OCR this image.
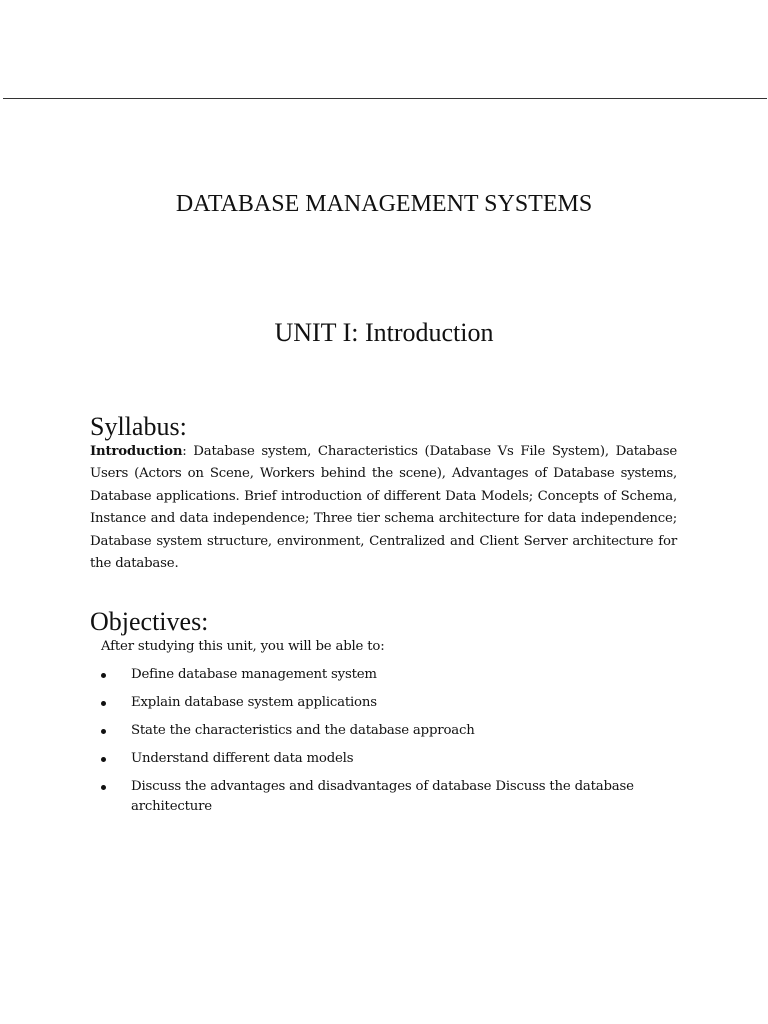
DATABASE MANAGEMENT SYSTEMS
UNIT I: Introduction
Syllabus:

Introduction: Database system, Characteristics (Database Vs File System), Database Users (Actors on Scene, Workers behind the scene), Advantages of Database systems, Database applications. Brief introduction of different Data Models; Concepts of Schema, Instance and data independence; Three tier schema architecture for data independence; Database system structure, environment, Centralized and Client Server architecture for the database.

Objectives:

After studying this unit, you will be able to:

Define database management system
Explain database system applications
State the characteristics and the database approach
Understand different data models
Discuss the advantages and disadvantages of database Discuss the database architecture
